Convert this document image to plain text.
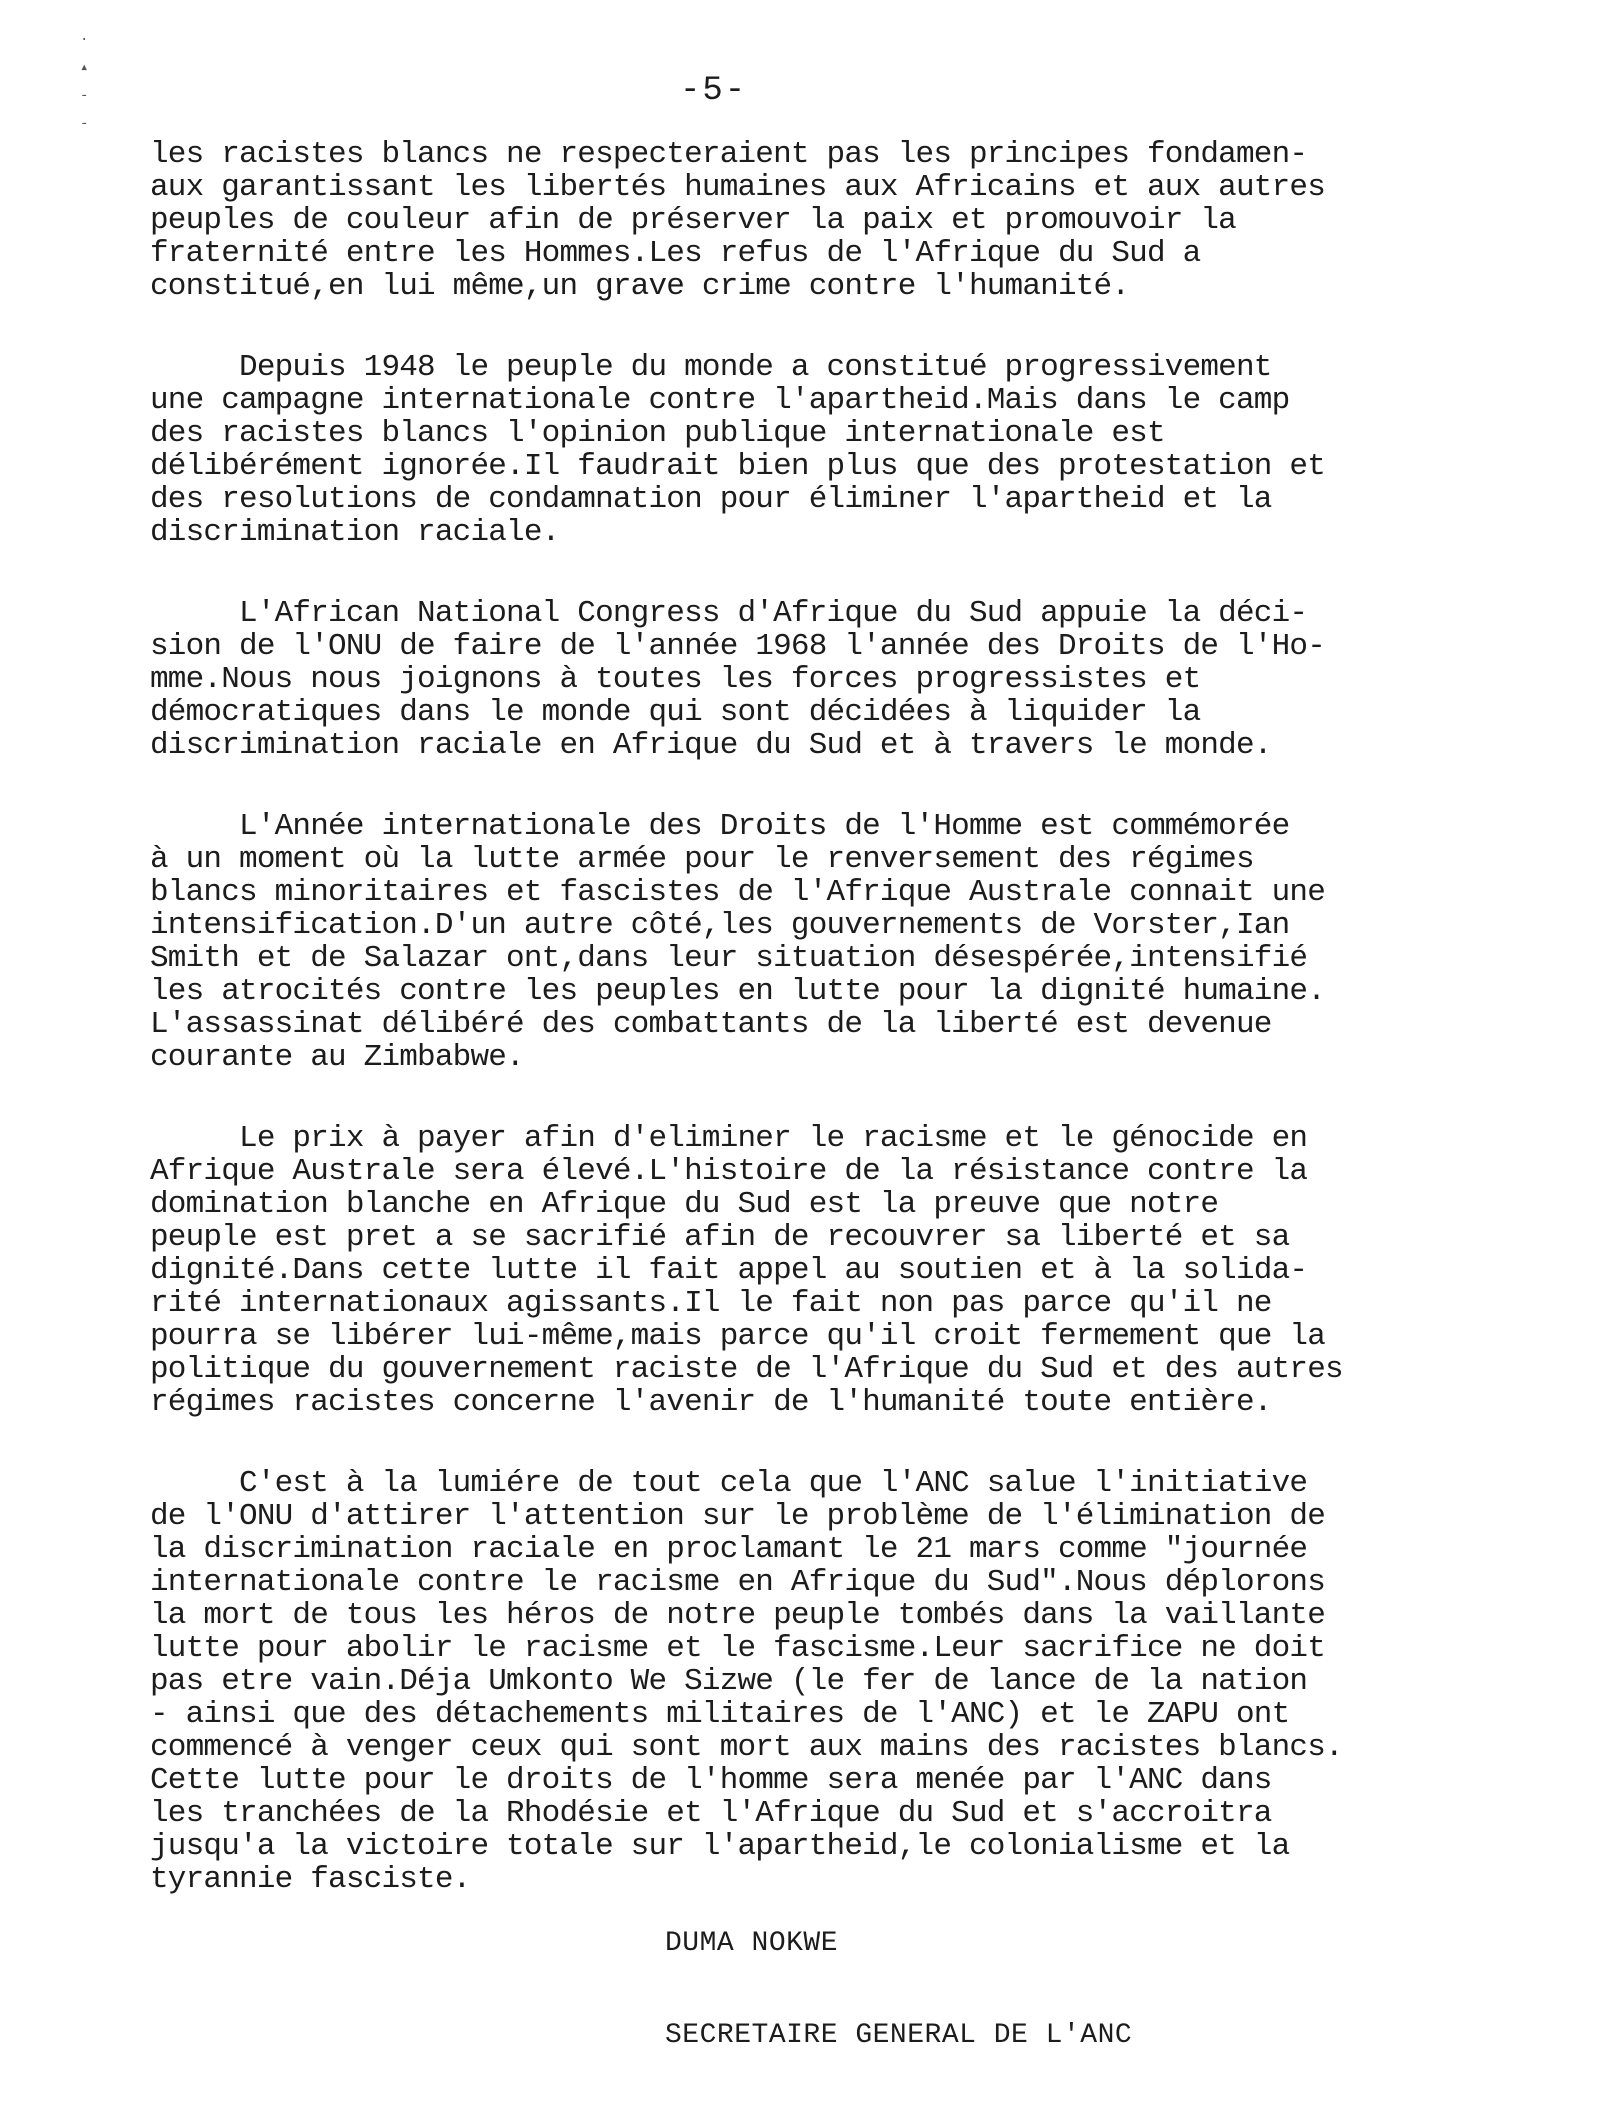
·
▴
-
-
-5-
les racistes blancs ne respecteraient pas les principes fondamen-
aux garantissant les libertés humaines aux Africains et aux autres
peuples de couleur afin de préserver la paix et promouvoir la
fraternité entre les Hommes.Les refus de l'Afrique du Sud a
constitué,en lui même,un grave crime contre l'humanité.
Depuis 1948 le peuple du monde a constitué progressivement
une campagne internationale contre l'apartheid.Mais dans le camp
des racistes blancs l'opinion publique internationale est
délibérément ignorée.Il faudrait bien plus que des protestation et
des resolutions de condamnation pour éliminer l'apartheid et la
discrimination raciale.
L'African National Congress d'Afrique du Sud appuie la déci-
sion de l'ONU de faire de l'année 1968 l'année des Droits de l'Ho-
mme.Nous nous joignons à toutes les forces progressistes et
démocratiques dans le monde qui sont décidées à liquider la
discrimination raciale en Afrique du Sud et à travers le monde.
L'Année internationale des Droits de l'Homme est commémorée
à un moment où la lutte armée pour le renversement des régimes
blancs minoritaires et fascistes de l'Afrique Australe connait une
intensification.D'un autre côté,les gouvernements de Vorster,Ian
Smith et de Salazar ont,dans leur situation désespérée,intensifié
les atrocités contre les peuples en lutte pour la dignité humaine.
L'assassinat délibéré des combattants de la liberté est devenue
courante au Zimbabwe.
Le prix à payer afin d'eliminer le racisme et le génocide en
Afrique Australe sera élevé.L'histoire de la résistance contre la
domination blanche en Afrique du Sud est la preuve que notre
peuple est pret a se sacrifié afin de recouvrer sa liberté et sa
dignité.Dans cette lutte il fait appel au soutien et à la solida-
rité internationaux agissants.Il le fait non pas parce qu'il ne
pourra se libérer lui-même,mais parce qu'il croit fermement que la
politique du gouvernement raciste de l'Afrique du Sud et des autres
régimes racistes concerne l'avenir de l'humanité toute entière.
C'est à la lumiére de tout cela que l'ANC salue l'initiative
de l'ONU d'attirer l'attention sur le problème de l'élimination de
la discrimination raciale en proclamant le 21 mars comme "journée
internationale contre le racisme en Afrique du Sud".Nous déplorons
la mort de tous les héros de notre peuple tombés dans la vaillante
lutte pour abolir le racisme et le fascisme.Leur sacrifice ne doit
pas etre vain.Déja Umkonto We Sizwe (le fer de lance de la nation
- ainsi que des détachements militaires de l'ANC) et le ZAPU ont
commencé à venger ceux qui sont mort aux mains des racistes blancs.
Cette lutte pour le droits de l'homme sera menée par l'ANC dans
les tranchées de la Rhodésie et l'Afrique du Sud et s'accroitra
jusqu'a la victoire totale sur l'apartheid,le colonialisme et la
tyrannie fasciste.
DUMA NOKWE
SECRETAIRE GENERAL DE L'ANC
